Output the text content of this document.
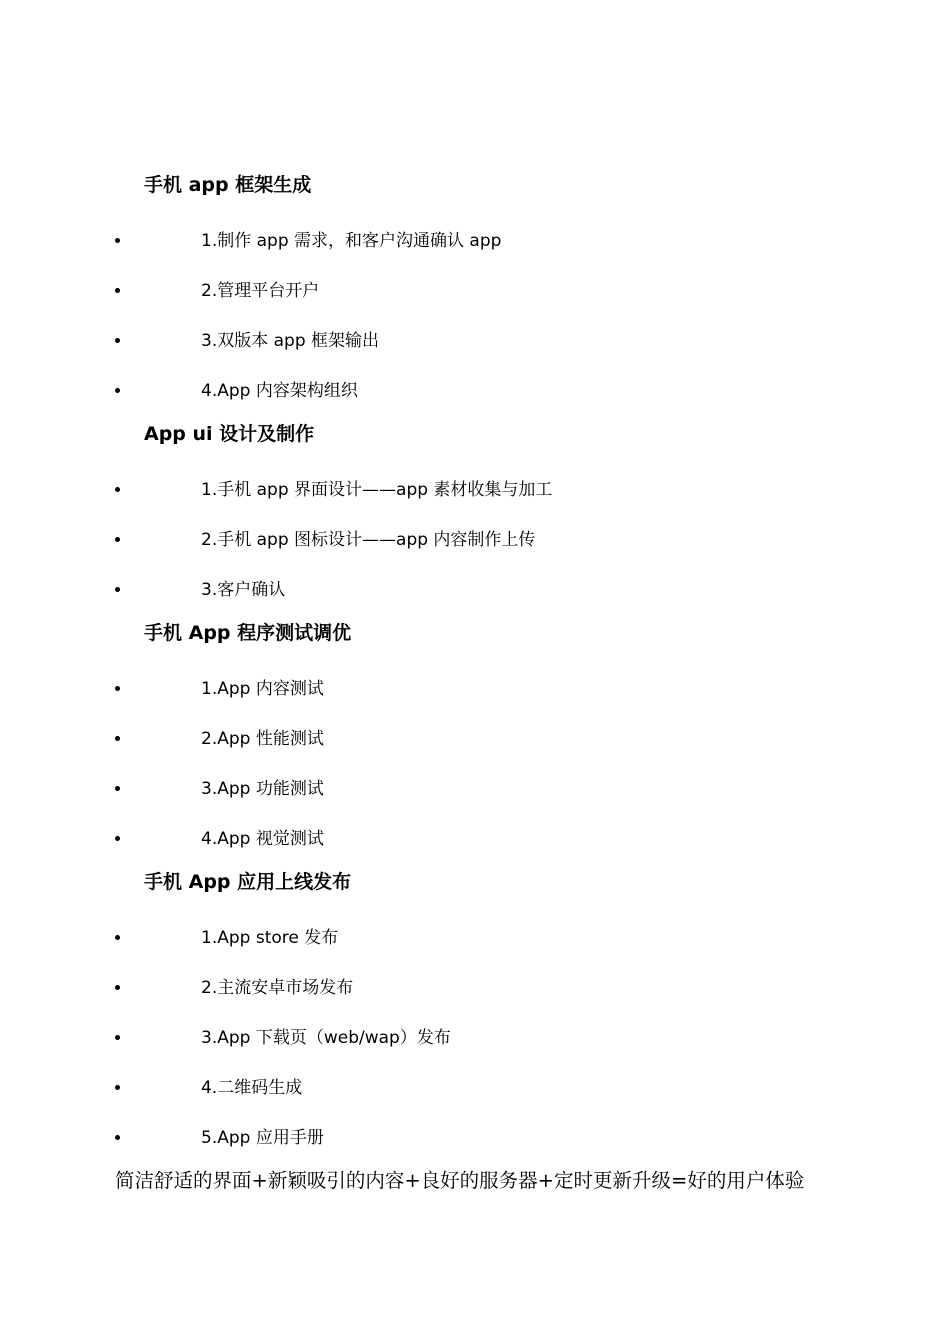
手机 app 框架生成
1.制作 app 需求，和客户沟通确认 app
2.管理平台开户
3.双版本 app 框架输出
4.App 内容架构组织
App ui 设计及制作
1.手机 app 界面设计——app 素材收集与加工
2.手机 app 图标设计——app 内容制作上传
3.客户确认
手机 App 程序测试调优
1.App 内容测试
2.App 性能测试
3.App 功能测试
4.App 视觉测试
手机 App 应用上线发布
1.App store 发布
2.主流安卓市场发布
3.App 下载页（web/wap）发布
4.二维码生成
5.App 应用手册
简洁舒适的界面+新颖吸引的内容+良好的服务器+定时更新升级=好的用户体验
